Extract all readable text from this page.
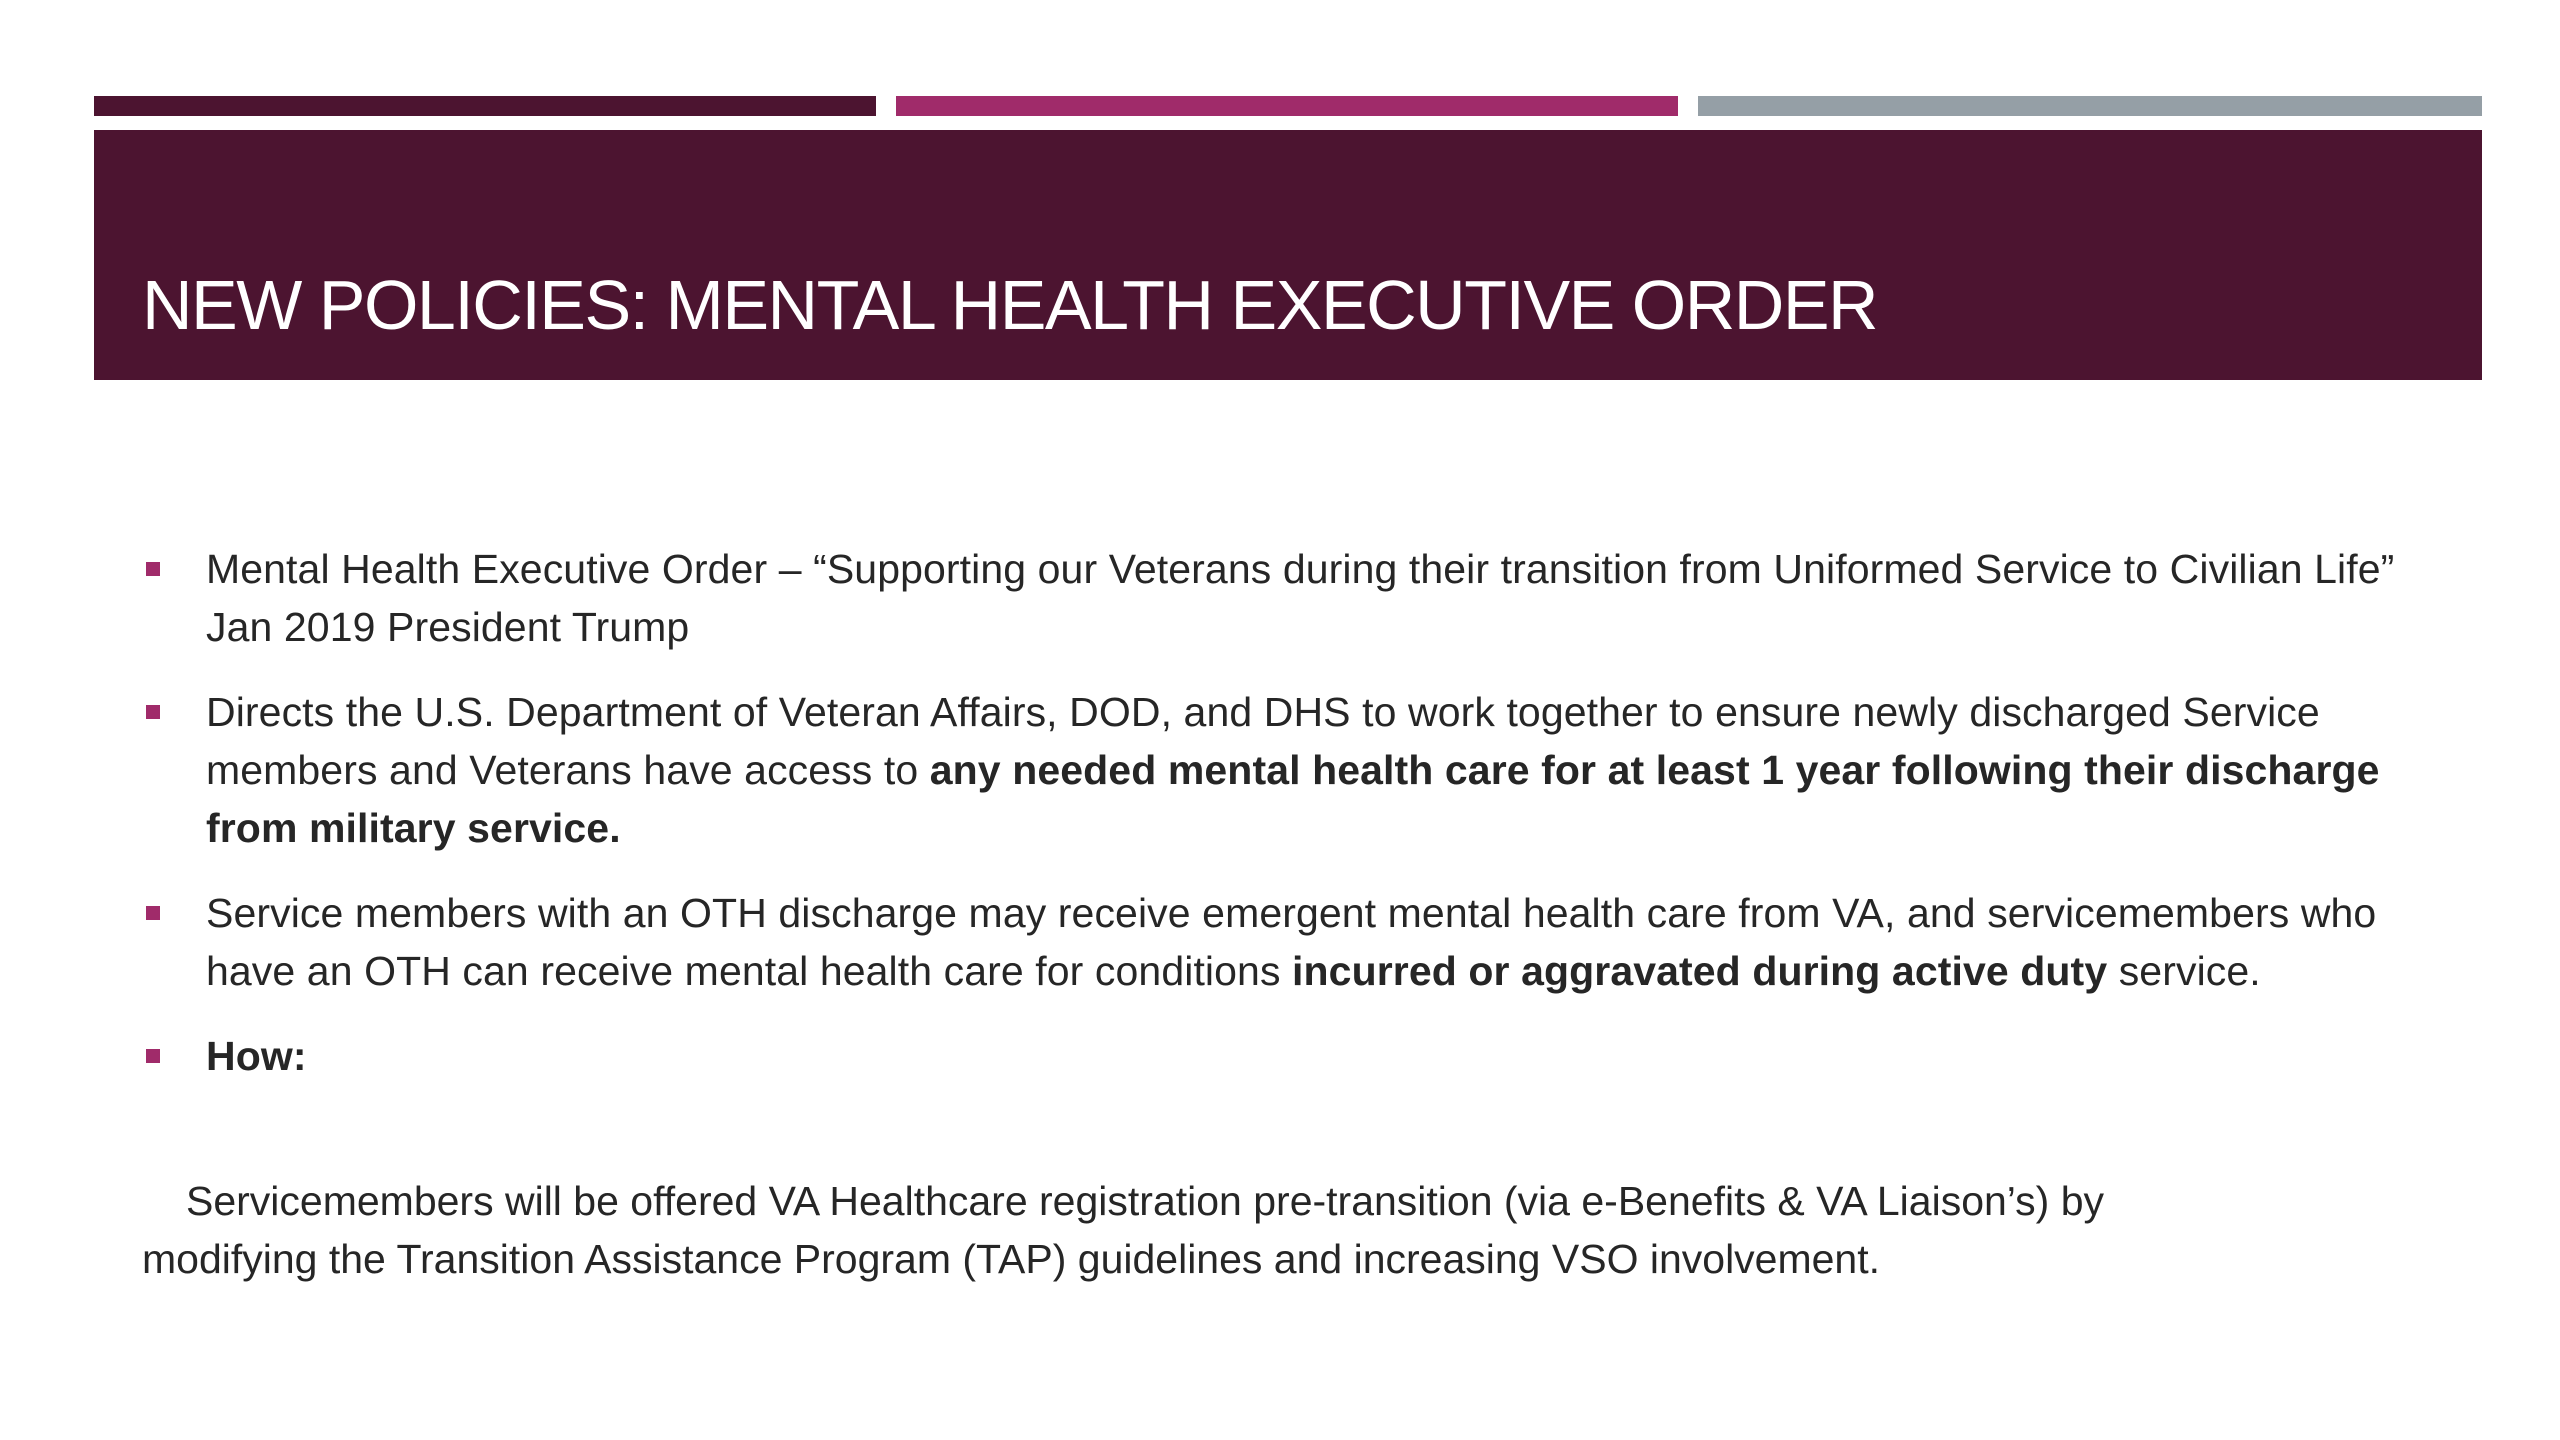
NEW POLICIES: MENTAL HEALTH EXECUTIVE ORDER
Mental Health Executive Order – “Supporting our Veterans during their transition from Uniformed Service to Civilian Life” Jan 2019 President Trump
Directs the U.S. Department of Veteran Affairs, DOD, and DHS to work together to ensure newly discharged Service members and Veterans have access to any needed mental health care for at least 1 year following their discharge from military service.
Service members with an OTH discharge may receive emergent mental health care from VA, and servicemembers who have an OTH can receive mental health care for conditions incurred or aggravated during active duty service.
How:

Servicemembers will be offered VA Healthcare registration pre-transition (via e-Benefits & VA Liaison’s) by
modifying the Transition Assistance Program (TAP) guidelines and increasing VSO involvement.
